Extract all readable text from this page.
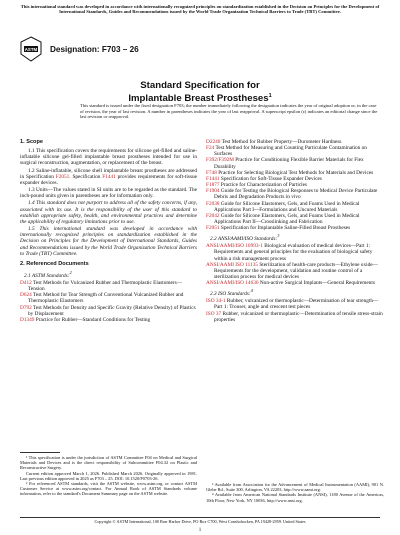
This international standard was developed in accordance with internationally recognized principles on standardization established in the Decision on Principles for the Development of International Standards, Guides and Recommendations issued by the World Trade Organization Technical Barriers to Trade (TBT) Committee.
ASTM Designation: F703 – 26
Standard Specification for
Implantable Breast Prostheses$^1$
This standard is issued under the fixed designation F703; the number immediately following the designation indicates the year of original adoption or, in the case of revision, the year of last revision. A number in parentheses indicates the year of last reapproval. A superscript epsilon (ε) indicates an editorial change since the last revision or reapproval.
1. Scope
1.1 This specification covers the requirements for silicone gel-filled and saline-inflatable silicone gel-filled implantable breast prostheses intended for use in surgical reconstruction, augmentation, or replacement of the breast.
1.2 Saline-inflatable, silicone shell implantable breast prostheses are addressed in Specification F2051. Specification F1441 provides requirements for soft-tissue expander devices.
1.3 Units—The values stated in SI units are to be regarded as the standard. The inch-pound units given in parentheses are for information only.
1.4 This standard does not purport to address all of the safety concerns, if any, associated with its use. It is the responsibility of the user of this standard to establish appropriate safety, health, and environmental practices and determine the applicability of regulatory limitations prior to use.
1.5 This international standard was developed in accordance with internationally recognized principles on standardization established in the Decision on Principles for the Development of International Standards, Guides and Recommendations issued by the World Trade Organization Technical Barriers to Trade (TBT) Committee.
2. Referenced Documents
2.1 ASTM Standards:$^2$
D412 Test Methods for Vulcanized Rubber and Thermoplastic Elastomers—Tension
D624 Test Method for Tear Strength of Conventional Vulcanized Rubber and Thermoplastic Elastomers
D792 Test Methods for Density and Specific Gravity (Relative Density) of Plastics by Displacement
D1349 Practice for Rubber—Standard Conditions for Testing
D2240 Test Method for Rubber Property—Durometer Hardness
F24 Test Method for Measuring and Counting Particulate Contamination on Surfaces
F392/F392M Practice for Conditioning Flexible Barrier Materials for Flex Durability
F748 Practice for Selecting Biological Test Methods for Materials and Devices
F1441 Specification for Soft-Tissue Expander Devices
F1877 Practice for Characterization of Particles
F1904 Guide for Testing the Biological Responses to Medical Device Particulate Debris and Degradation Products in vivo
F2038 Guide for Silicone Elastomers, Gels, and Foams Used in Medical Applications Part I—Formulations and Uncured Materials
F2042 Guide for Silicone Elastomers, Gels, and Foams Used in Medical Applications Part II—Crosslinking and Fabrication
F2051 Specification for Implantable Saline-Filled Breast Prostheses
2.2 ANSI/AAMI/ISO Standards:$^3$
ANSI/AAMI/ISO 10993-1 Biological evaluation of medical devices—Part 1: Requirements and general principles for the evaluation of biological safety within a risk management process
ANSI/AAMI ISO 11135 Sterilization of health-care products—Ethylene oxide—Requirements for the development, validation and routine control of a sterilization process for medical devices
ANSI/AAMI/ISO 14630 Non-active Surgical Implants—General Requirements
2.3 ISO Standards:$^4$
ISO 34-1 Rubber, vulcanized or thermoplastic—Determination of tear strength—Part 1: Trouser, angle and crescent test pieces
ISO 37 Rubber, vulcanized or thermoplastic—Determination of tensile stress-strain properties
¹ This specification is under the jurisdiction of ASTM Committee F04 on Medical and Surgical Materials and Devices and is the direct responsibility of Subcommittee F04.32 on Plastic and Reconstructive Surgery.
Current edition approved March 1, 2026. Published March 2026. Originally approved in 1981. Last previous edition approved in 2025 as F703 – 25. DOI: 10.1520/F0703-26.
² For referenced ASTM standards, visit the ASTM website, www.astm.org, or contact ASTM Customer Service at www.astm.org/contact. For Annual Book of ASTM Standards volume information, refer to the standard's Document Summary page on the ASTM website.
³ Available from Association for the Advancement of Medical Instrumentation (AAMI), 901 N. Glebe Rd., Suite 300, Arlington, VA 22203, http://www.aami.org.
⁴ Available from American National Standards Institute (ANSI), 1180 Avenue of the Americas, 10th Floor, New York, NY 10036, http://www.ansi.org.
Copyright © ASTM International, 100 Barr Harbor Drive, PO Box C700, West Conshohocken, PA 19428-2959. United States
1
